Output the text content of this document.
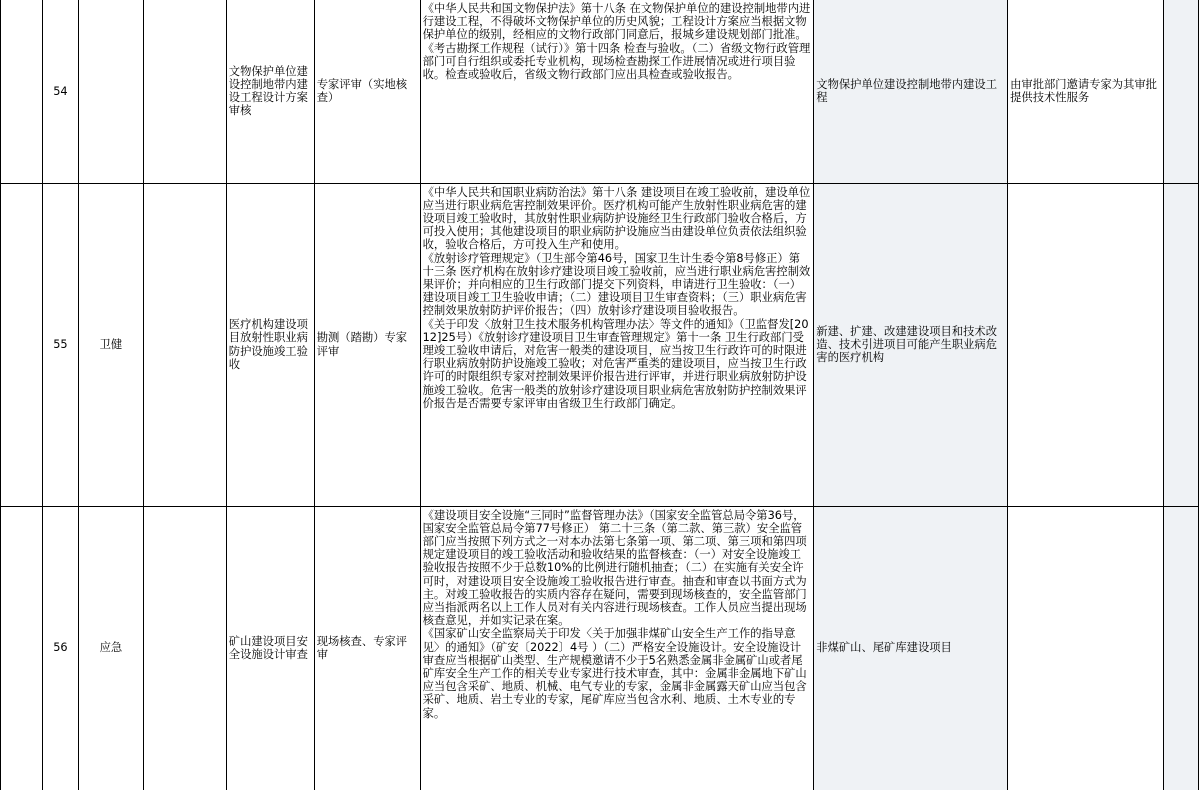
	54			文物保护单位建设控制地带内建设工程设计方案审核	专家评审（实地核查）	《中华人民共和国文物保护法》第十八条 在文物保护单位的建设控制地带内进行建设工程，不得破坏文物保护单位的历史风貌；工程设计方案应当根据文物保护单位的级别，经相应的文物行政部门同意后，报城乡建设规划部门批准。

《考古勘探工作规程（试行）》第十四条 检查与验收。（二）省级文物行政管理部门可自行组织或委托专业机构，现场检查勘探工作进展情况或进行项目验收。检查或验收后，省级文物行政部门应出具检查或验收报告。	文物保护单位建设控制地带内建设工程	由审批部门邀请专家为其审批提供技术性服务	
	55	卫健		医疗机构建设项目放射性职业病防护设施竣工验收	勘测（踏勘）专家评审	《中华人民共和国职业病防治法》第十八条 建设项目在竣工验收前，建设单位应当进行职业病危害控制效果评价。医疗机构可能产生放射性职业病危害的建设项目竣工验收时，其放射性职业病防护设施经卫生行政部门验收合格后，方可投入使用；其他建设项目的职业病防护设施应当由建设单位负责依法组织验收，验收合格后，方可投入生产和使用。

《放射诊疗管理规定》（卫生部令第46号，国家卫生计生委令第8号修正）第十三条 医疗机构在放射诊疗建设项目竣工验收前，应当进行职业病危害控制效果评价；并向相应的卫生行政部门提交下列资料，申请进行卫生验收：（一）建设项目竣工卫生验收申请；（二）建设项目卫生审查资料；（三）职业病危害控制效果放射防护评价报告；（四）放射诊疗建设项目验收报告。

《关于印发〈放射卫生技术服务机构管理办法〉等文件的通知》（卫监督发[2012]25号）《放射诊疗建设项目卫生审查管理规定》第十一条 卫生行政部门受理竣工验收申请后，对危害一般类的建设项目，应当按卫生行政许可的时限进行职业病放射防护设施竣工验收；对危害严重类的建设项目，应当按卫生行政许可的时限组织专家对控制效果评价报告进行评审，并进行职业病放射防护设施竣工验收。危害一般类的放射诊疗建设项目职业病危害放射防护控制效果评价报告是否需要专家评审由省级卫生行政部门确定。	新建、扩建、改建建设项目和技术改造、技术引进项目可能产生职业病危害的医疗机构		
	56	应急		矿山建设项目安全设施设计审查	现场核查、专家评审	《建设项目安全设施“三同时”监督管理办法》（国家安全监管总局令第36号，国家安全监管总局令第77号修正） 第二十三条（第二款、第三款）安全监管部门应当按照下列方式之一对本办法第七条第一项、第二项、第三项和第四项规定建设项目的竣工验收活动和验收结果的监督核查：（一）对安全设施竣工验收报告按照不少于总数10%的比例进行随机抽查；（二）在实施有关安全许可时，对建设项目安全设施竣工验收报告进行审查。抽查和审查以书面方式为主。对竣工验收报告的实质内容存在疑问，需要到现场核查的，安全监管部门应当指派两名以上工作人员对有关内容进行现场核查。工作人员应当提出现场核查意见，并如实记录在案。

《国家矿山安全监察局关于印发〈关于加强非煤矿山安全生产工作的指导意见〉的通知》（矿安〔2022〕4号 ）（二）严格安全设施设计。安全设施设计审查应当根据矿山类型、生产规模邀请不少于5名熟悉金属非金属矿山或者尾矿库安全生产工作的相关专业专家进行技术审查，其中：金属非金属地下矿山应当包含采矿、地质、机械、电气专业的专家，金属非金属露天矿山应当包含采矿、地质、岩土专业的专家，尾矿库应当包含水利、地质、土木专业的专家。	非煤矿山、尾矿库建设项目		
